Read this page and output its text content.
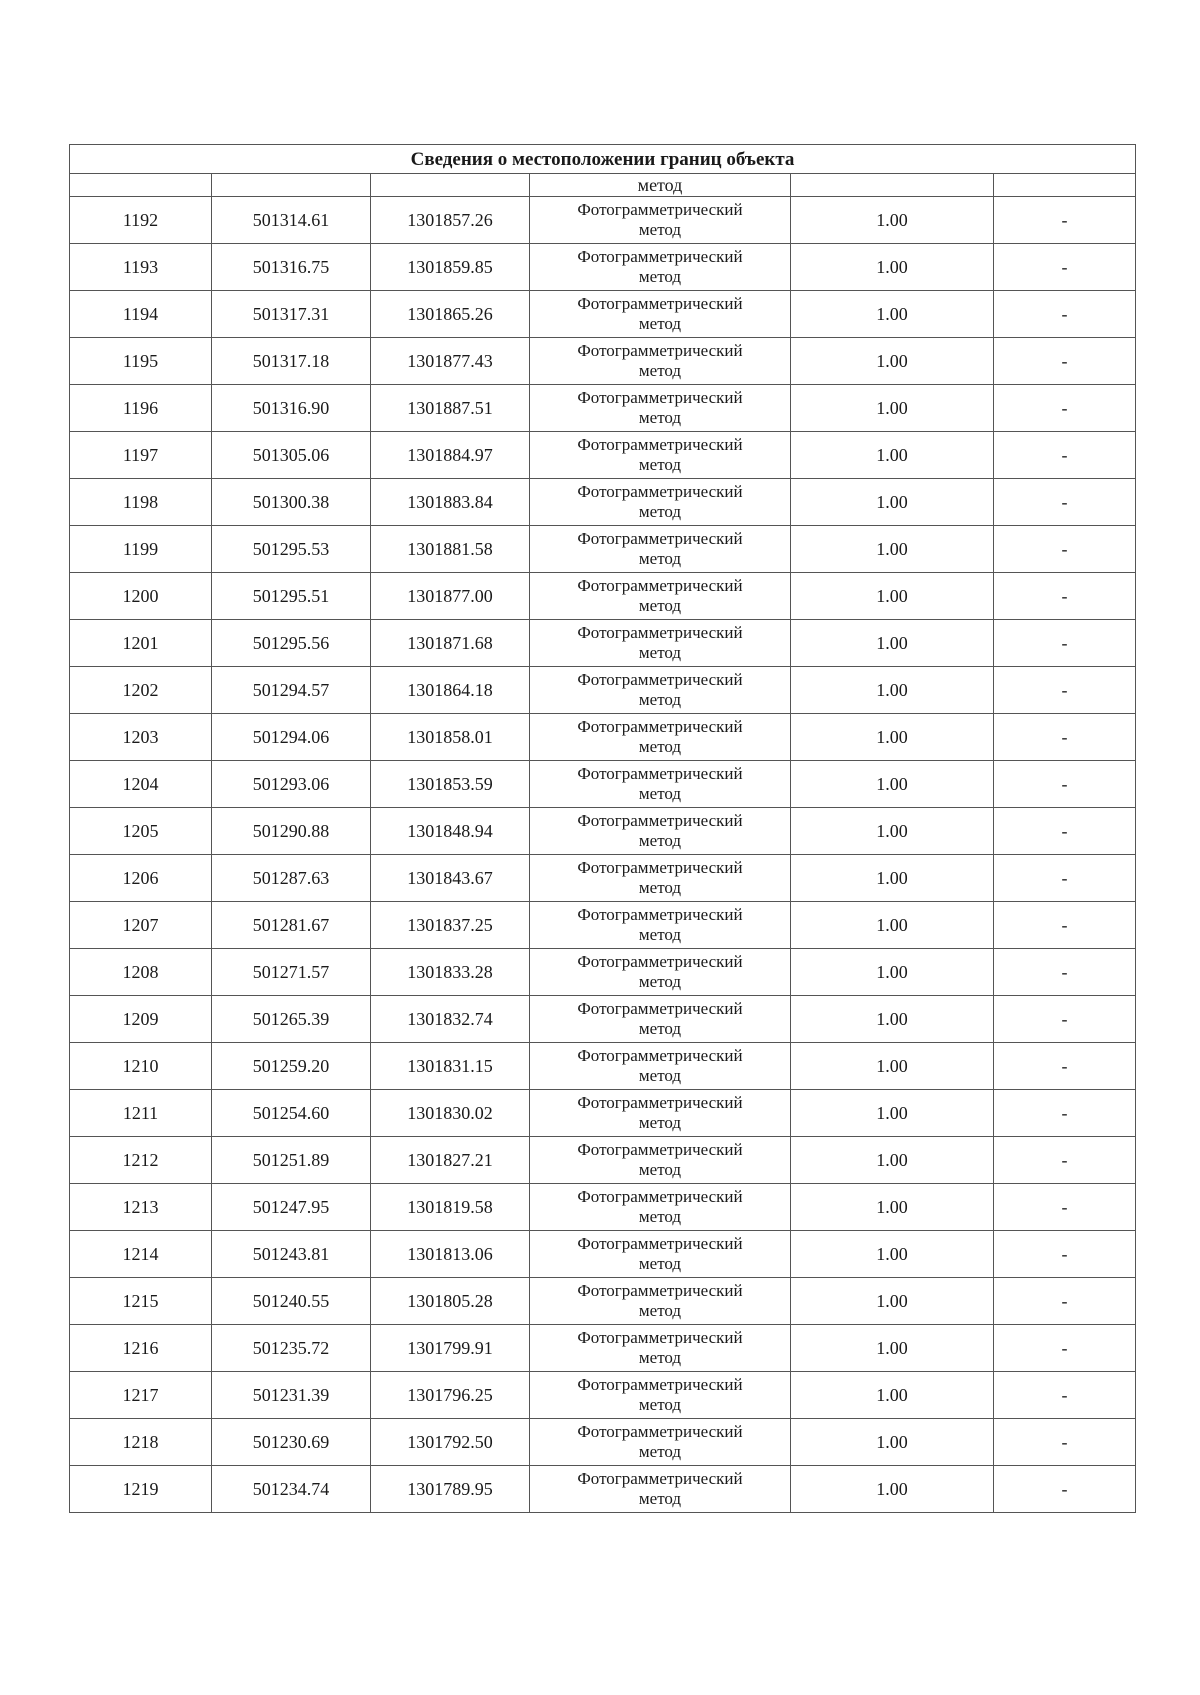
Сведения о местоположении границ объекта					
			метод		
1192	501314.61	1301857.26	Фотограмметрический
метод	1.00	-
1193	501316.75	1301859.85	Фотограмметрический
метод	1.00	-
1194	501317.31	1301865.26	Фотограмметрический
метод	1.00	-
1195	501317.18	1301877.43	Фотограмметрический
метод	1.00	-
1196	501316.90	1301887.51	Фотограмметрический
метод	1.00	-
1197	501305.06	1301884.97	Фотограмметрический
метод	1.00	-
1198	501300.38	1301883.84	Фотограмметрический
метод	1.00	-
1199	501295.53	1301881.58	Фотограмметрический
метод	1.00	-
1200	501295.51	1301877.00	Фотограмметрический
метод	1.00	-
1201	501295.56	1301871.68	Фотограмметрический
метод	1.00	-
1202	501294.57	1301864.18	Фотограмметрический
метод	1.00	-
1203	501294.06	1301858.01	Фотограмметрический
метод	1.00	-
1204	501293.06	1301853.59	Фотограмметрический
метод	1.00	-
1205	501290.88	1301848.94	Фотограмметрический
метод	1.00	-
1206	501287.63	1301843.67	Фотограмметрический
метод	1.00	-
1207	501281.67	1301837.25	Фотограмметрический
метод	1.00	-
1208	501271.57	1301833.28	Фотограмметрический
метод	1.00	-
1209	501265.39	1301832.74	Фотограмметрический
метод	1.00	-
1210	501259.20	1301831.15	Фотограмметрический
метод	1.00	-
1211	501254.60	1301830.02	Фотограмметрический
метод	1.00	-
1212	501251.89	1301827.21	Фотограмметрический
метод	1.00	-
1213	501247.95	1301819.58	Фотограмметрический
метод	1.00	-
1214	501243.81	1301813.06	Фотограмметрический
метод	1.00	-
1215	501240.55	1301805.28	Фотограмметрический
метод	1.00	-
1216	501235.72	1301799.91	Фотограмметрический
метод	1.00	-
1217	501231.39	1301796.25	Фотограмметрический
метод	1.00	-
1218	501230.69	1301792.50	Фотограмметрический
метод	1.00	-
1219	501234.74	1301789.95	Фотограмметрический
метод	1.00	-
